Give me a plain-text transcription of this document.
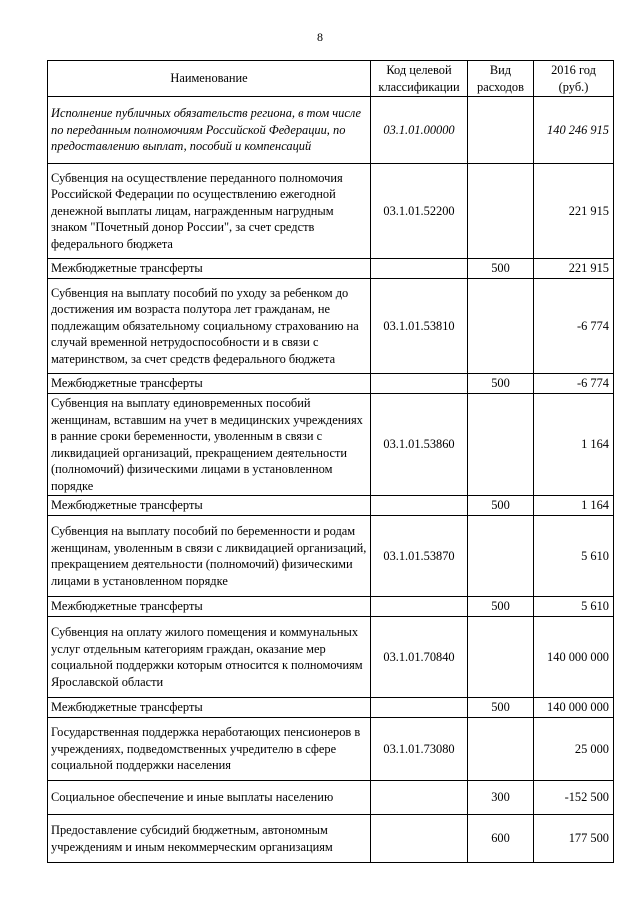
8
Наименование	Код целевой классификации	Вид расходов	2016 год (руб.)
Исполнение публичных обязательств региона, в том числе по переданным полномочиям Российской Федерации, по предоставлению выплат, пособий и компенсаций	03.1.01.00000		140 246 915
Субвенция на осуществление переданного полномочия Российской Федерации по осуществлению ежегодной денежной выплаты лицам, награжденным нагрудным знаком "Почетный донор России", за счет средств федерального бюджета	03.1.01.52200		221 915
Межбюджетные трансферты		500	221 915
Субвенция на выплату пособий по уходу за ребенком до достижения им возраста полутора лет гражданам, не подлежащим обязательному социальному страхованию на случай временной нетрудоспособности и в связи с материнством, за счет средств федерального бюджета	03.1.01.53810		-6 774
Межбюджетные трансферты		500	-6 774
Субвенция на выплату единовременных пособий женщинам, вставшим на учет в медицинских учреждениях в ранние сроки беременности, уволенным в связи с ликвидацией организаций, прекращением деятельности (полномочий) физическими лицами в установленном порядке	03.1.01.53860		1 164
Межбюджетные трансферты		500	1 164
Субвенция на выплату пособий по беременности и родам женщинам, уволенным в связи с ликвидацией организаций, прекращением деятельности (полномочий) физическими лицами в установленном порядке	03.1.01.53870		5 610
Межбюджетные трансферты		500	5 610
Субвенция на оплату жилого помещения и коммунальных услуг отдельным категориям граждан, оказание мер социальной поддержки которым относится к полномочиям Ярославской области	03.1.01.70840		140 000 000
Межбюджетные трансферты		500	140 000 000
Государственная поддержка неработающих пенсионеров в учреждениях, подведомственных учредителю в сфере социальной поддержки населения	03.1.01.73080		25 000
Социальное обеспечение и иные выплаты населению		300	-152 500
Предоставление субсидий бюджетным, автономным учреждениям и иным некоммерческим организациям		600	177 500
